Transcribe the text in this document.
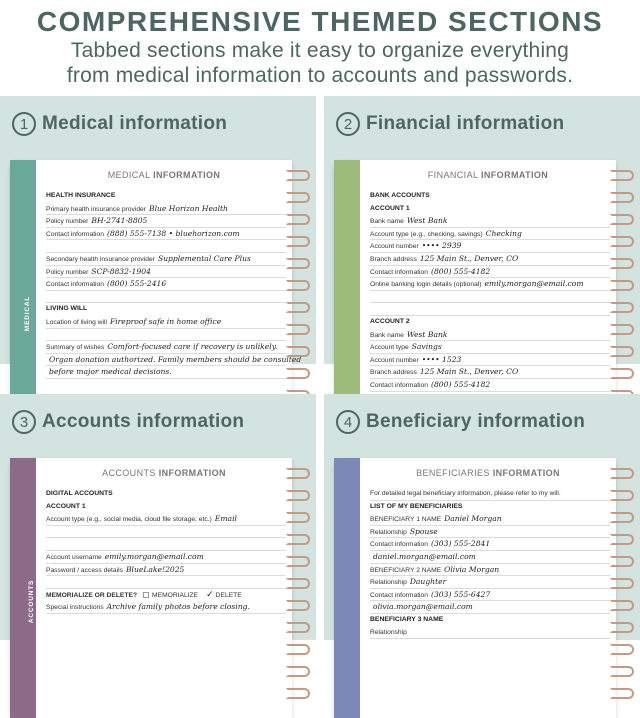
COMPREHENSIVE THEMED SECTIONS
Tabbed sections make it easy to organize everything
from medical information to accounts and passwords.
1 Medical information
MEDICAL
MEDICAL INFORMATION
HEALTH INSURANCE
Primary health insurance provider Blue Horizon Health
Policy number BH-2741-8805
Contact information (888) 555-7138 • bluehorizon.com
Secondary health insurance provider Supplemental Care Plus
Policy number SCP-8832-1904
Contact information (800) 555-2416
LIVING WILL
Location of living will Fireproof safe in home office
Summary of wishes Comfort-focused care if recovery is unlikely.
Organ donation authorized. Family members should be consulted
before major medical decisions.
2 Financial information
FINANCIAL INFORMATION
BANK ACCOUNTS
ACCOUNT 1
Bank name West Bank
Account type (e.g., checking, savings) Checking
Account number •••• 2939
Branch address 125 Main St., Denver, CO
Contact information (800) 555-4182
Online banking login details (optional) emily.morgan@email.com
ACCOUNT 2
Bank name West Bank
Account type Savings
Account number •••• 1523
Branch address 125 Main St., Denver, CO
Contact information (800) 555-4182
3 Accounts information
ACCOUNTS
ACCOUNTS INFORMATION
DIGITAL ACCOUNTS
ACCOUNT 1
Account type (e.g., social media, cloud file storage, etc.) Email
Account username emily.morgan@email.com
Password / access details BlueLake!2025
MEMORIALIZE OR DELETE? MEMORIALIZE ✓ DELETE
Special instructions Archive family photos before closing.
4 Beneficiary information
BENEFICIARIES
BENEFICIARIES INFORMATION
For detailed legal beneficiary information, please refer to my will.
LIST OF MY BENEFICIARIES
BENEFICIARY 1 NAME Daniel Morgan
Relationship Spouse
Contact information (303) 555-2841
daniel.morgan@email.com
BENEFICIARY 2 NAME Olivia Morgan
Relationship Daughter
Contact information (303) 555-6427
olivia.morgan@email.com
BENEFICIARY 3 NAME
Relationship
